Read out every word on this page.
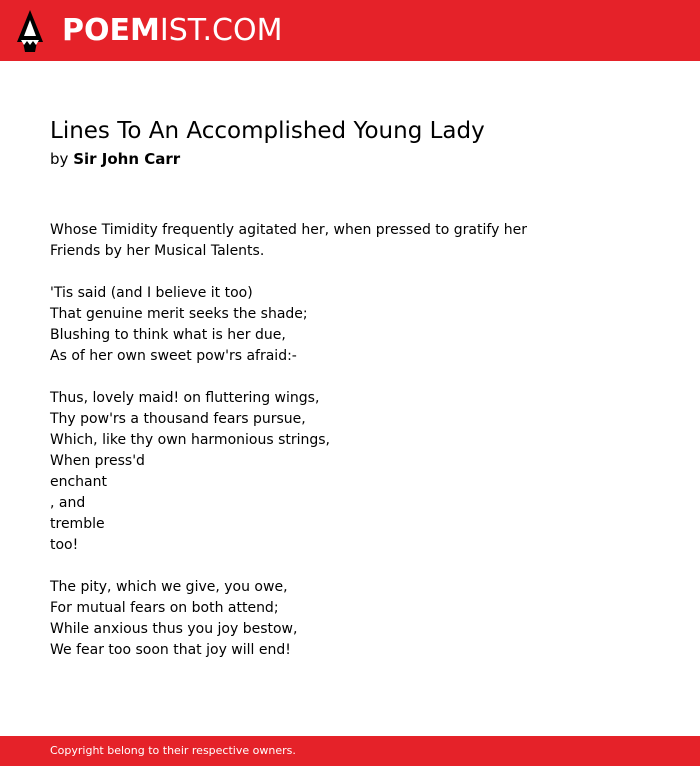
POEMIST.COM
Lines To An Accomplished Young Lady
by Sir John Carr
Whose Timidity frequently agitated her, when pressed to gratify her
Friends by her Musical Talents.
'Tis said (and I believe it too)
That genuine merit seeks the shade;
Blushing to think what is her due,
As of her own sweet pow'rs afraid:-
Thus, lovely maid! on fluttering wings,
Thy pow'rs a thousand fears pursue,
Which, like thy own harmonious strings,
When press'd
enchant
, and
tremble
too!
The pity, which we give, you owe,
For mutual fears on both attend;
While anxious thus you joy bestow,
We fear too soon that joy will end!
Copyright belong to their respective owners.
